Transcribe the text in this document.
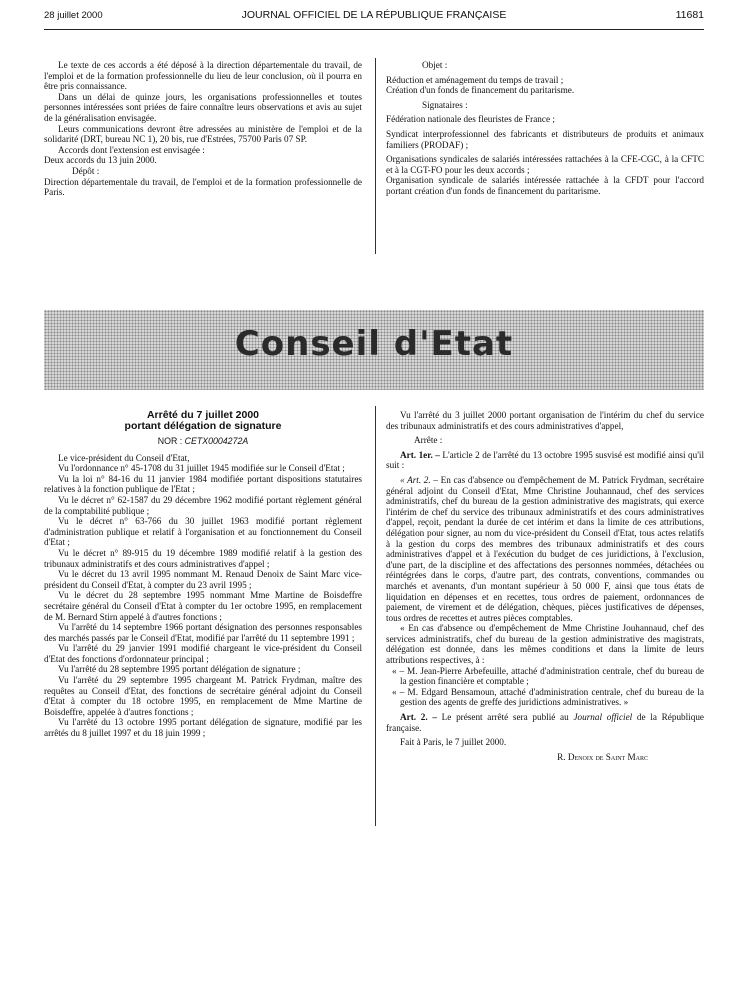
28 juillet 2000	JOURNAL OFFICIEL DE LA RÉPUBLIQUE FRANÇAISE	11681

Le texte de ces accords a été déposé à la direction départementale du travail, de l'emploi et de la formation professionnelle du lieu de leur conclusion, où il pourra en être pris connaissance.

Dans un délai de quinze jours, les organisations professionnelles et toutes personnes intéressées sont priées de faire connaître leurs observations et avis au sujet de la généralisation envisagée.

Leurs communications devront être adressées au ministère de l'emploi et de la solidarité (DRT, bureau NC 1), 20 bis, rue d'Estrées, 75700 Paris 07 SP.

Accords dont l'extension est envisagée :

Deux accords du 13 juin 2000.

Dépôt :

Direction départementale du travail, de l'emploi et de la formation professionnelle de Paris.

Objet :

Réduction et aménagement du temps de travail ;

Création d'un fonds de financement du paritarisme.

Signataires :

Fédération nationale des fleuristes de France ;

Syndicat interprofessionnel des fabricants et distributeurs de produits et animaux familiers (PRODAF) ;

Organisations syndicales de salariés intéressées rattachées à la CFE-CGC, à la CFTC et à la CGT-FO pour les deux accords ;

Organisation syndicale de salariés intéressée rattachée à la CFDT pour l'accord portant création d'un fonds de financement du paritarisme.

Conseil d'Etat
Arrêté du 7 juillet 2000
portant délégation de signature
NOR : CETX0004272A

Le vice-président du Conseil d'Etat,

Vu l'ordonnance n° 45-1708 du 31 juillet 1945 modifiée sur le Conseil d'Etat ;

Vu la loi n° 84-16 du 11 janvier 1984 modifiée portant dispositions statutaires relatives à la fonction publique de l'Etat ;

Vu le décret n° 62-1587 du 29 décembre 1962 modifié portant règlement général de la comptabilité publique ;

Vu le décret n° 63-766 du 30 juillet 1963 modifié portant règlement d'administration publique et relatif à l'organisation et au fonctionnement du Conseil d'Etat ;

Vu le décret n° 89-915 du 19 décembre 1989 modifié relatif à la gestion des tribunaux administratifs et des cours administratives d'appel ;

Vu le décret du 13 avril 1995 nommant M. Renaud Denoix de Saint Marc vice-président du Conseil d'Etat, à compter du 23 avril 1995 ;

Vu le décret du 28 septembre 1995 nommant Mme Martine de Boisdeffre secrétaire général du Conseil d'Etat à compter du 1er octobre 1995, en remplacement de M. Bernard Stirn appelé à d'autres fonctions ;

Vu l'arrêté du 14 septembre 1966 portant désignation des personnes responsables des marchés passés par le Conseil d'Etat, modifié par l'arrêté du 11 septembre 1991 ;

Vu l'arrêté du 29 janvier 1991 modifié chargeant le vice-président du Conseil d'Etat des fonctions d'ordonnateur principal ;

Vu l'arrêté du 28 septembre 1995 portant délégation de signature ;

Vu l'arrêté du 29 septembre 1995 chargeant M. Patrick Frydman, maître des requêtes au Conseil d'Etat, des fonctions de secrétaire général adjoint du Conseil d'Etat à compter du 18 octobre 1995, en remplacement de Mme Martine de Boisdeffre, appelée à d'autres fonctions ;

Vu l'arrêté du 13 octobre 1995 portant délégation de signature, modifié par les arrêtés du 8 juillet 1997 et du 18 juin 1999 ;

Vu l'arrêté du 3 juillet 2000 portant organisation de l'intérim du chef du service des tribunaux administratifs et des cours administratives d'appel,

Arrête :

Art. 1er. – L'article 2 de l'arrêté du 13 octobre 1995 susvisé est modifié ainsi qu'il suit :

« Art. 2. – En cas d'absence ou d'empêchement de M. Patrick Frydman, secrétaire général adjoint du Conseil d'Etat, Mme Christine Jouhannaud, chef des services administratifs, chef du bureau de la gestion administrative des magistrats, qui exerce l'intérim de chef du service des tribunaux administratifs et des cours administratives d'appel, reçoit, pendant la durée de cet intérim et dans la limite de ces attributions, délégation pour signer, au nom du vice-président du Conseil d'Etat, tous actes relatifs à la gestion du corps des membres des tribunaux administratifs et des cours administratives d'appel et à l'exécution du budget de ces juridictions, à l'exclusion, d'une part, de la discipline et des affectations des personnes nommées, détachées ou réintégrées dans le corps, d'autre part, des contrats, conventions, commandes ou marchés et avenants, d'un montant supérieur à 50 000 F, ainsi que tous états de liquidation en dépenses et en recettes, tous ordres de paiement, ordonnances de paiement, de virement et de délégation, chèques, pièces justificatives de dépenses, tous ordres de recettes et autres pièces comptables.

« En cas d'absence ou d'empêchement de Mme Christine Jouhannaud, chef des services administratifs, chef du bureau de la gestion administrative des magistrats, délégation est donnée, dans les mêmes conditions et dans la limite de leurs attributions respectives, à :

« – M. Jean-Pierre Arbefeuille, attaché d'administration centrale, chef du bureau de la gestion financière et comptable ;

« – M. Edgard Bensamoun, attaché d'administration centrale, chef du bureau de la gestion des agents de greffe des juridictions administratives. »

Art. 2. – Le présent arrêté sera publié au Journal officiel de la République française.

Fait à Paris, le 7 juillet 2000.

R. Denoix de Saint Marc
